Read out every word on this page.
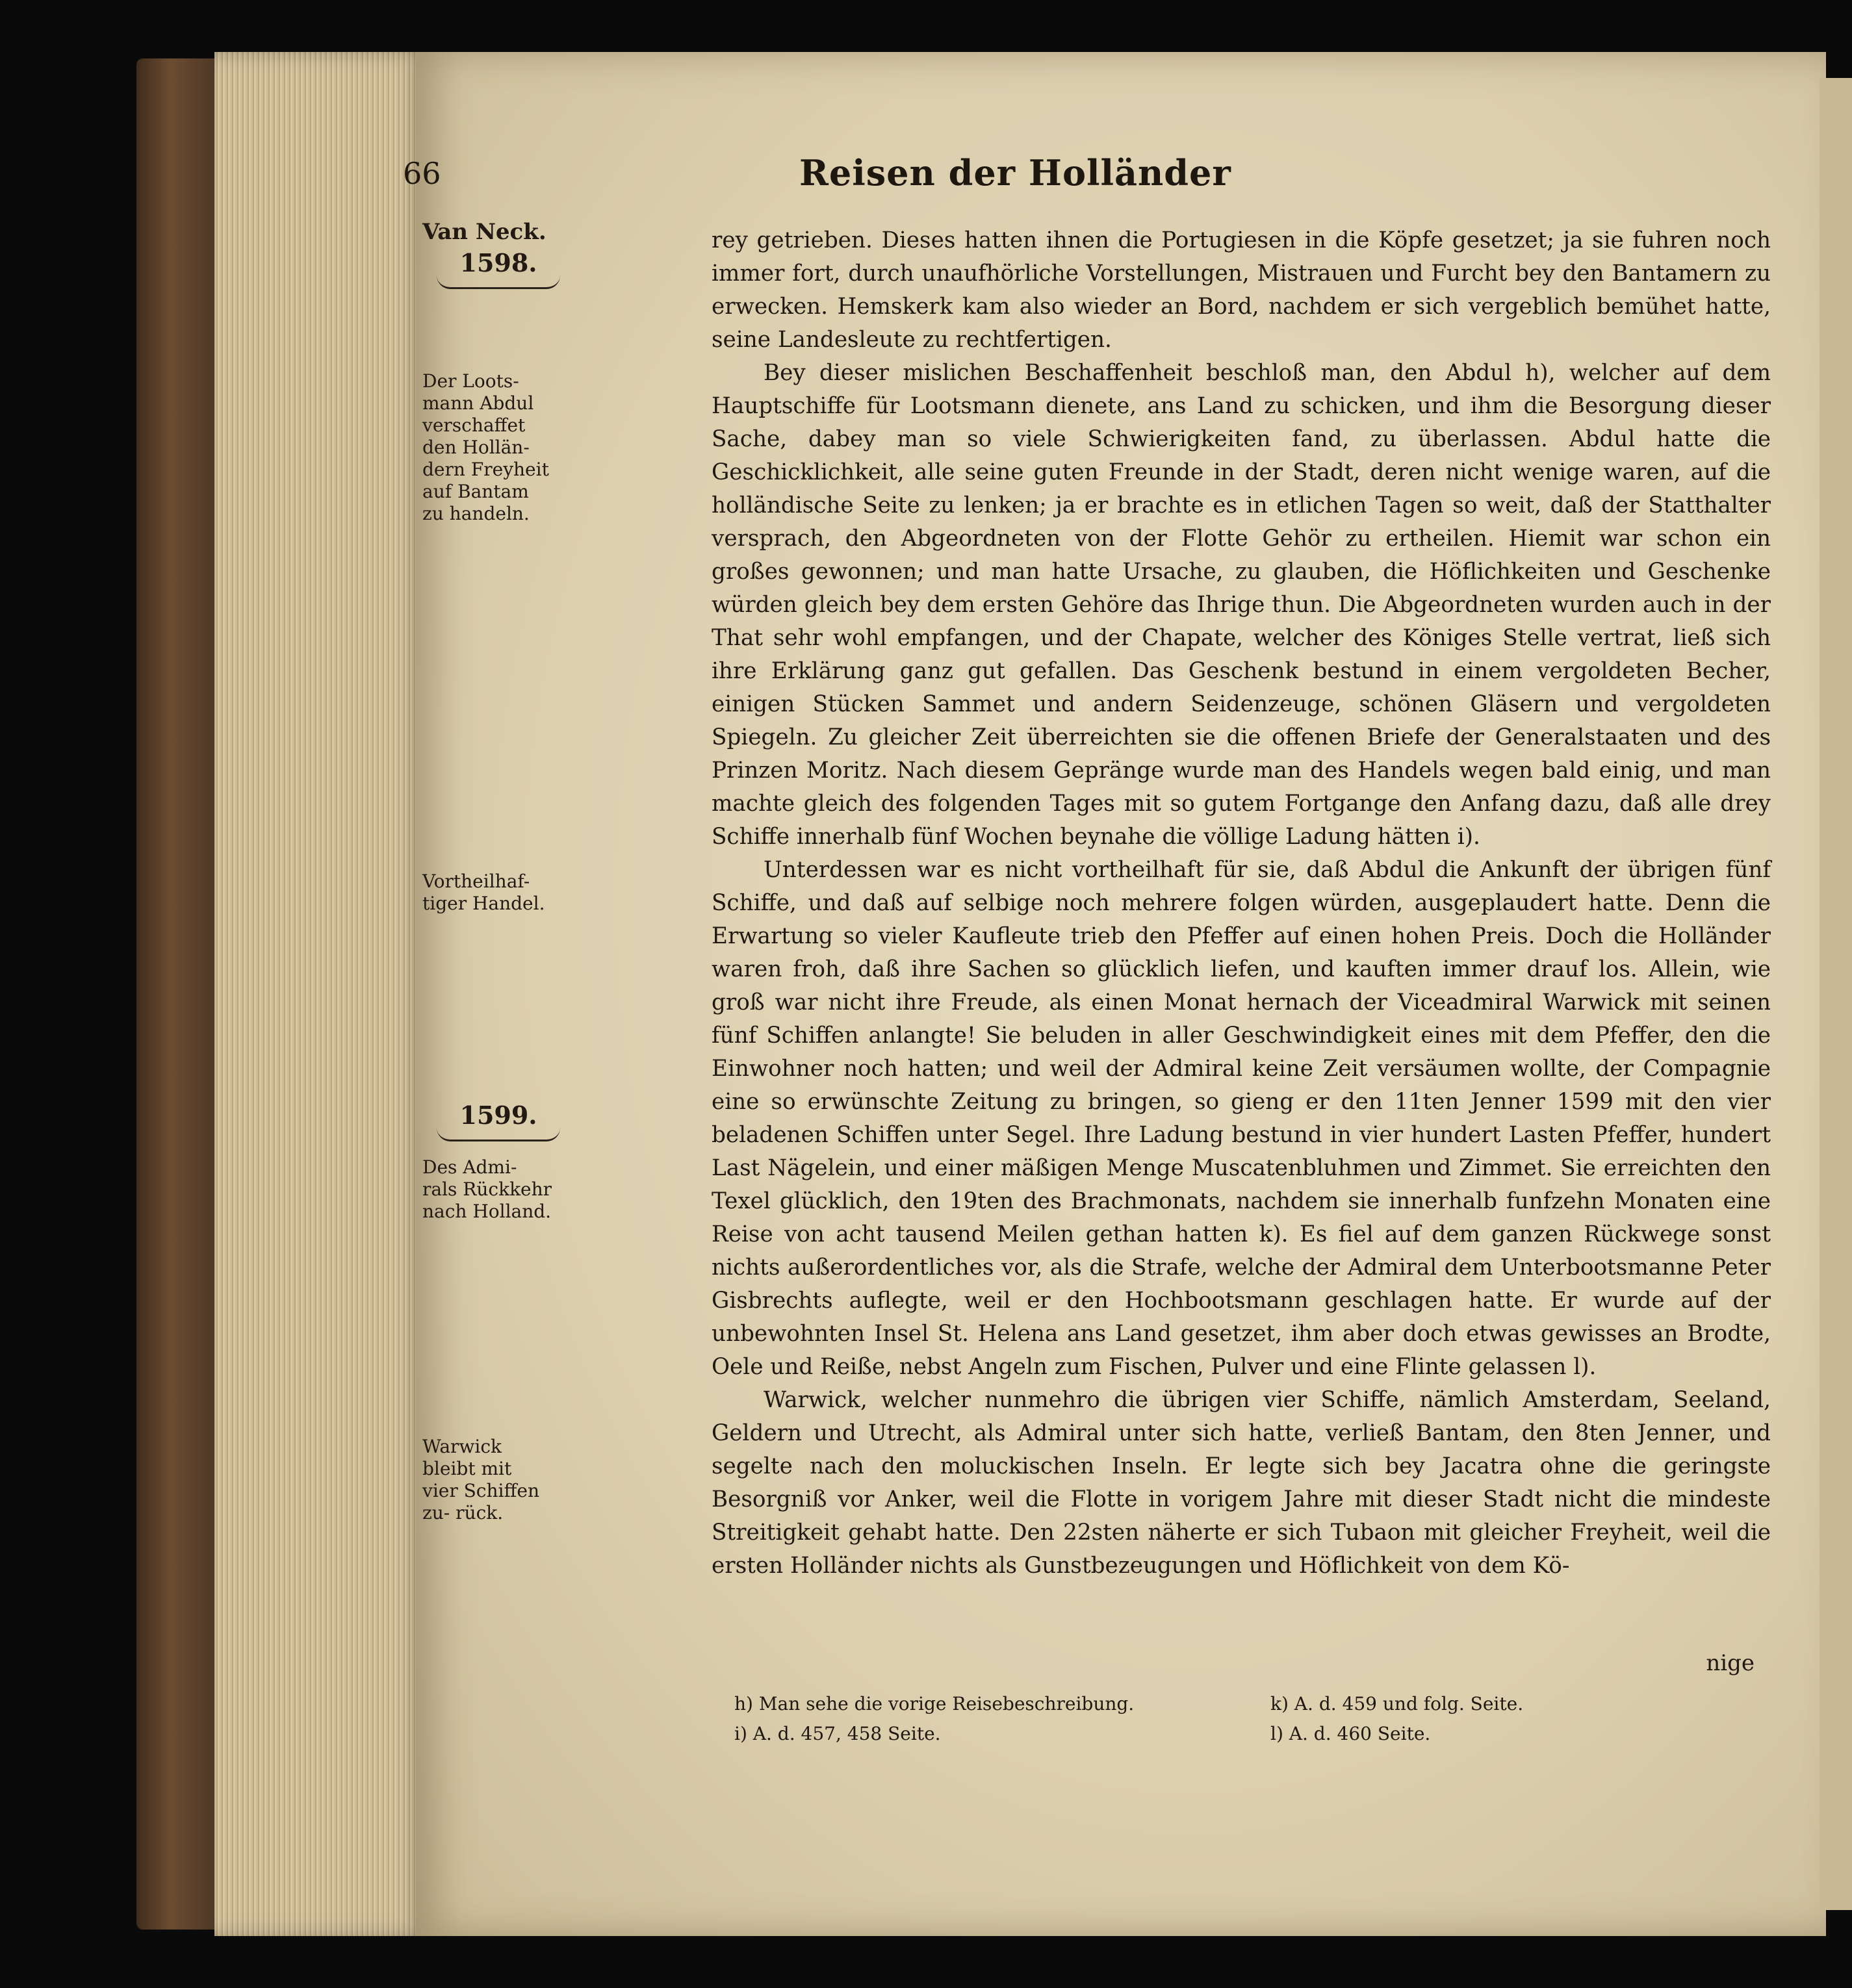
66	Reisen der Holländer
Van Neck.
1598.
Der Loots- mann Abdul verschaffet den Hollän- dern Freyheit auf Bantam zu handeln.
Vortheilhaf- tiger Handel.
1599.
Des Admi- rals Rückkehr nach Holland.
Warwick bleibt mit vier Schiffen zu- rück.

rey getrieben. Dieses hatten ihnen die Portugiesen in die Köpfe gesetzet; ja sie fuhren noch immer fort, durch unaufhörliche Vorstellungen, Mistrauen und Furcht bey den Bantamern zu erwecken. Hemskerk kam also wieder an Bord, nachdem er sich vergeblich bemühet hatte, seine Landesleute zu rechtfertigen.

Bey dieser mislichen Beschaffenheit beschloß man, den Abdul h), welcher auf dem Hauptschiffe für Lootsmann dienete, ans Land zu schicken, und ihm die Besorgung dieser Sache, dabey man so viele Schwierigkeiten fand, zu überlassen. Abdul hatte die Geschicklichkeit, alle seine guten Freunde in der Stadt, deren nicht wenige waren, auf die holländische Seite zu lenken; ja er brachte es in etlichen Tagen so weit, daß der Statthalter versprach, den Abgeordneten von der Flotte Gehör zu ertheilen. Hiemit war schon ein großes gewonnen; und man hatte Ursache, zu glauben, die Höflichkeiten und Geschenke würden gleich bey dem ersten Gehöre das Ihrige thun. Die Abgeordneten wurden auch in der That sehr wohl empfangen, und der Chapate, welcher des Königes Stelle vertrat, ließ sich ihre Erklärung ganz gut gefallen. Das Geschenk bestund in einem vergoldeten Becher, einigen Stücken Sammet und andern Seidenzeuge, schönen Gläsern und vergoldeten Spiegeln. Zu gleicher Zeit überreichten sie die offenen Briefe der Generalstaaten und des Prinzen Moritz. Nach diesem Gepränge wurde man des Handels wegen bald einig, und man machte gleich des folgenden Tages mit so gutem Fortgange den Anfang dazu, daß alle drey Schiffe innerhalb fünf Wochen beynahe die völlige Ladung hätten i).

Unterdessen war es nicht vortheilhaft für sie, daß Abdul die Ankunft der übrigen fünf Schiffe, und daß auf selbige noch mehrere folgen würden, ausgeplaudert hatte. Denn die Erwartung so vieler Kaufleute trieb den Pfeffer auf einen hohen Preis. Doch die Holländer waren froh, daß ihre Sachen so glücklich liefen, und kauften immer drauf los. Allein, wie groß war nicht ihre Freude, als einen Monat hernach der Viceadmiral Warwick mit seinen fünf Schiffen anlangte! Sie beluden in aller Geschwindigkeit eines mit dem Pfeffer, den die Einwohner noch hatten; und weil der Admiral keine Zeit versäumen wollte, der Compagnie eine so erwünschte Zeitung zu bringen, so gieng er den 11ten Jenner 1599 mit den vier beladenen Schiffen unter Segel. Ihre Ladung bestund in vier hundert Lasten Pfeffer, hundert Last Nägelein, und einer mäßigen Menge Muscatenbluhmen und Zimmet. Sie erreichten den Texel glücklich, den 19ten des Brachmonats, nachdem sie innerhalb funfzehn Monaten eine Reise von acht tausend Meilen gethan hatten k). Es fiel auf dem ganzen Rückwege sonst nichts außerordentliches vor, als die Strafe, welche der Admiral dem Unterbootsmanne Peter Gisbrechts auflegte, weil er den Hochbootsmann geschlagen hatte. Er wurde auf der unbewohnten Insel St. Helena ans Land gesetzet, ihm aber doch etwas gewisses an Brodte, Oele und Reiße, nebst Angeln zum Fischen, Pulver und eine Flinte gelassen l).

Warwick, welcher nunmehro die übrigen vier Schiffe, nämlich Amsterdam, Seeland, Geldern und Utrecht, als Admiral unter sich hatte, verließ Bantam, den 8ten Jenner, und segelte nach den moluckischen Inseln. Er legte sich bey Jacatra ohne die geringste Besorgniß vor Anker, weil die Flotte in vorigem Jahre mit dieser Stadt nicht die mindeste Streitigkeit gehabt hatte. Den 22sten näherte er sich Tubaon mit gleicher Freyheit, weil die ersten Holländer nichts als Gunstbezeugungen und Höflichkeit von dem Kö-

nige
h) Man sehe die vorige Reisebeschreibung.
i) A. d. 457, 458 Seite.
k) A. d. 459 und folg. Seite.
l) A. d. 460 Seite.
